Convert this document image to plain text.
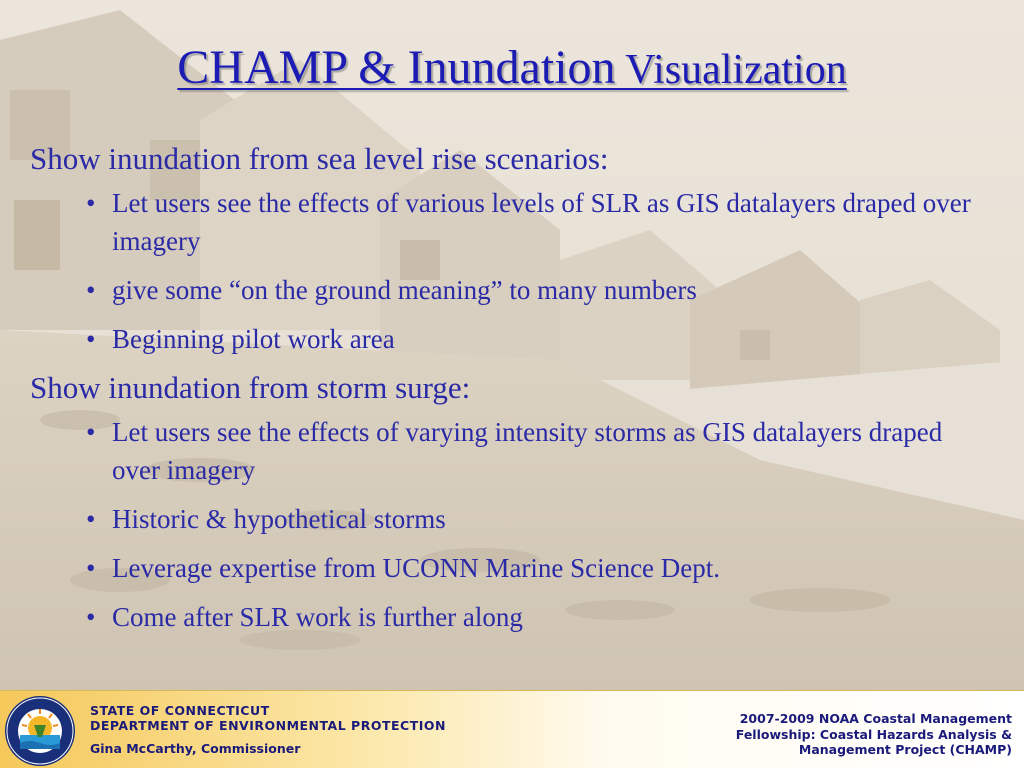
CHAMP & Inundation Visualization
Show inundation from sea level rise scenarios:
• Let users see the effects of various levels of SLR as GIS datalayers draped over imagery
• give some “on the ground meaning” to many numbers
• Beginning pilot work area
Show inundation from storm surge:
• Let users see the effects of varying intensity storms as GIS datalayers draped over imagery
• Historic & hypothetical storms
• Leverage expertise from UCONN Marine Science Dept.
• Come after SLR work is further along
STATE OF CONNECTICUT
DEPARTMENT OF ENVIRONMENTAL PROTECTION
Gina McCarthy, Commissioner
2007-2009 NOAA Coastal Management
Fellowship: Coastal Hazards Analysis &
Management Project (CHAMP)
